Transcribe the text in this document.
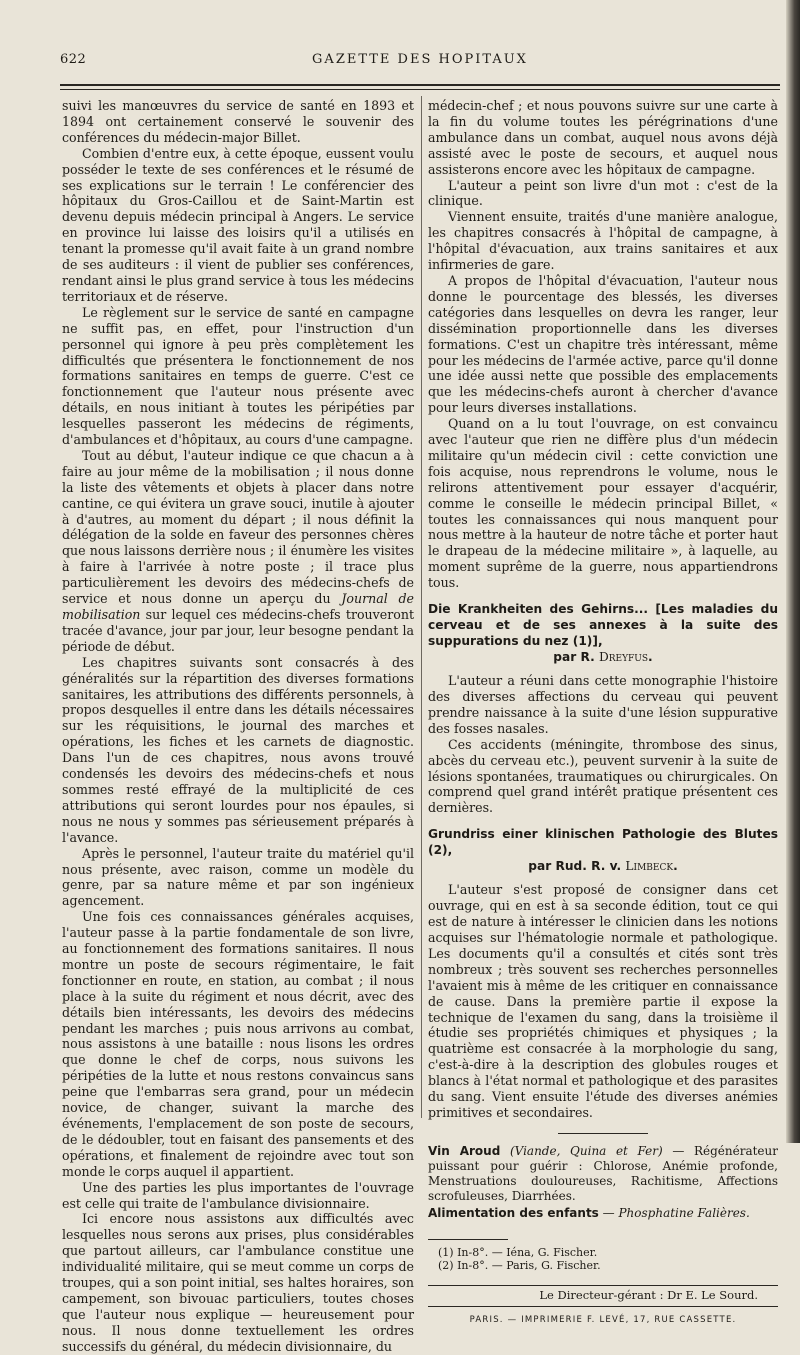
622	GAZETTE DES HOPITAUX

suivi les manœuvres du service de santé en 1893 et 1894 ont certainement conservé le souvenir des conférences du médecin-major Billet.

Combien d'entre eux, à cette époque, eussent voulu posséder le texte de ses conférences et le résumé de ses explications sur le terrain ! Le conférencier des hôpitaux du Gros-Caillou et de Saint-Martin est devenu depuis médecin principal à Angers. Le service en province lui laisse des loisirs qu'il a utilisés en tenant la promesse qu'il avait faite à un grand nombre de ses auditeurs : il vient de publier ses conférences, rendant ainsi le plus grand service à tous les médecins territoriaux et de réserve.

Le règlement sur le service de santé en campagne ne suffit pas, en effet, pour l'instruction d'un personnel qui ignore à peu près complètement les difficultés que présentera le fonctionnement de nos formations sanitaires en temps de guerre. C'est ce fonctionnement que l'auteur nous présente avec détails, en nous initiant à toutes les péripéties par lesquelles passeront les médecins de régiments, d'ambulances et d'hôpitaux, au cours d'une campagne.

Tout au début, l'auteur indique ce que chacun a à faire au jour même de la mobilisation ; il nous donne la liste des vêtements et objets à placer dans notre cantine, ce qui évitera un grave souci, inutile à ajouter à d'autres, au moment du départ ; il nous définit la délégation de la solde en faveur des personnes chères que nous laissons derrière nous ; il énumère les visites à faire à l'arrivée à notre poste ; il trace plus particulièrement les devoirs des médecins-chefs de service et nous donne un aperçu du Journal de mobilisation sur lequel ces médecins-chefs trouveront tracée d'avance, jour par jour, leur besogne pendant la période de début.

Les chapitres suivants sont consacrés à des généralités sur la répartition des diverses formations sanitaires, les attributions des différents personnels, à propos desquelles il entre dans les détails nécessaires sur les réquisitions, le journal des marches et opérations, les fiches et les carnets de diagnostic. Dans l'un de ces chapitres, nous avons trouvé condensés les devoirs des médecins-chefs et nous sommes resté effrayé de la multiplicité de ces attributions qui seront lourdes pour nos épaules, si nous ne nous y sommes pas sérieusement préparés à l'avance.

Après le personnel, l'auteur traite du matériel qu'il nous présente, avec raison, comme un modèle du genre, par sa nature même et par son ingénieux agencement.

Une fois ces connaissances générales acquises, l'auteur passe à la partie fondamentale de son livre, au fonctionnement des formations sanitaires. Il nous montre un poste de secours régimentaire, le fait fonctionner en route, en station, au combat ; il nous place à la suite du régiment et nous décrit, avec des détails bien intéressants, les devoirs des médecins pendant les marches ; puis nous arrivons au combat, nous assistons à une bataille : nous lisons les ordres que donne le chef de corps, nous suivons les péripéties de la lutte et nous restons convaincus sans peine que l'embarras sera grand, pour un médecin novice, de changer, suivant la marche des événements, l'emplacement de son poste de secours, de le dédoubler, tout en faisant des pansements et des opérations, et finalement de rejoindre avec tout son monde le corps auquel il appartient.

Une des parties les plus importantes de l'ouvrage est celle qui traite de l'ambulance divisionnaire.

Ici encore nous assistons aux difficultés avec lesquelles nous serons aux prises, plus considérables que partout ailleurs, car l'ambulance constitue une individualité militaire, qui se meut comme un corps de troupes, qui a son point initial, ses haltes horaires, son campement, son bivouac particuliers, toutes choses que l'auteur nous explique — heureusement pour nous. Il nous donne textuellement les ordres successifs du général, du médecin divisionnaire, du

médecin-chef ; et nous pouvons suivre sur une carte à la fin du volume toutes les pérégrinations d'une ambulance dans un combat, auquel nous avons déjà assisté avec le poste de secours, et auquel nous assisterons encore avec les hôpitaux de campagne.

L'auteur a peint son livre d'un mot : c'est de la clinique.

Viennent ensuite, traités d'une manière analogue, les chapitres consacrés à l'hôpital de campagne, à l'hôpital d'évacuation, aux trains sanitaires et aux infirmeries de gare.

A propos de l'hôpital d'évacuation, l'auteur nous donne le pourcentage des blessés, les diverses catégories dans lesquelles on devra les ranger, leur dissémination proportionnelle dans les diverses formations. C'est un chapitre très intéressant, même pour les médecins de l'armée active, parce qu'il donne une idée aussi nette que possible des emplacements que les médecins-chefs auront à chercher d'avance pour leurs diverses installations.

Quand on a lu tout l'ouvrage, on est convaincu avec l'auteur que rien ne diffère plus d'un médecin militaire qu'un médecin civil : cette conviction une fois acquise, nous reprendrons le volume, nous le relirons attentivement pour essayer d'acquérir, comme le conseille le médecin principal Billet, « toutes les connaissances qui nous manquent pour nous mettre à la hauteur de notre tâche et porter haut le drapeau de la médecine militaire », à laquelle, au moment suprême de la guerre, nous appartiendrons tous.

Die Krankheiten des Gehirns... [Les maladies du cerveau et de ses annexes à la suite des suppurations du nez (1)],
par R. Dreyfus.

L'auteur a réuni dans cette monographie l'histoire des diverses affections du cerveau qui peuvent prendre naissance à la suite d'une lésion suppurative des fosses nasales.

Ces accidents (méningite, thrombose des sinus, abcès du cerveau etc.), peuvent survenir à la suite de lésions spontanées, traumatiques ou chirurgicales. On comprend quel grand intérêt pratique présentent ces dernières.

Grundriss einer klinischen Pathologie des Blutes (2),
par Rud. R. v. Limbeck.

L'auteur s'est proposé de consigner dans cet ouvrage, qui en est à sa seconde édition, tout ce qui est de nature à intéresser le clinicien dans les notions acquises sur l'hématologie normale et pathologique. Les documents qu'il a consultés et cités sont très nombreux ; très souvent ses recherches personnelles l'avaient mis à même de les critiquer en connaissance de cause. Dans la première partie il expose la technique de l'examen du sang, dans la troisième il étudie ses propriétés chimiques et physiques ; la quatrième est consacrée à la morphologie du sang, c'est-à-dire à la description des globules rouges et blancs à l'état normal et pathologique et des parasites du sang. Vient ensuite l'étude des diverses anémies primitives et secondaires.

Vin Aroud (Viande, Quina et Fer) — Régénérateur puissant pour guérir : Chlorose, Anémie profonde, Menstruations douloureuses, Rachitisme, Affections scrofuleuses, Diarrhées.
Alimentation des enfants — Phosphatine Falières.
(1) In-8°. — Iéna, G. Fischer.
(2) In-8°. — Paris, G. Fischer.
Le Directeur-gérant : Dr E. Le Sourd.
PARIS. — IMPRIMERIE F. LEVÉ, 17, RUE CASSETTE.
